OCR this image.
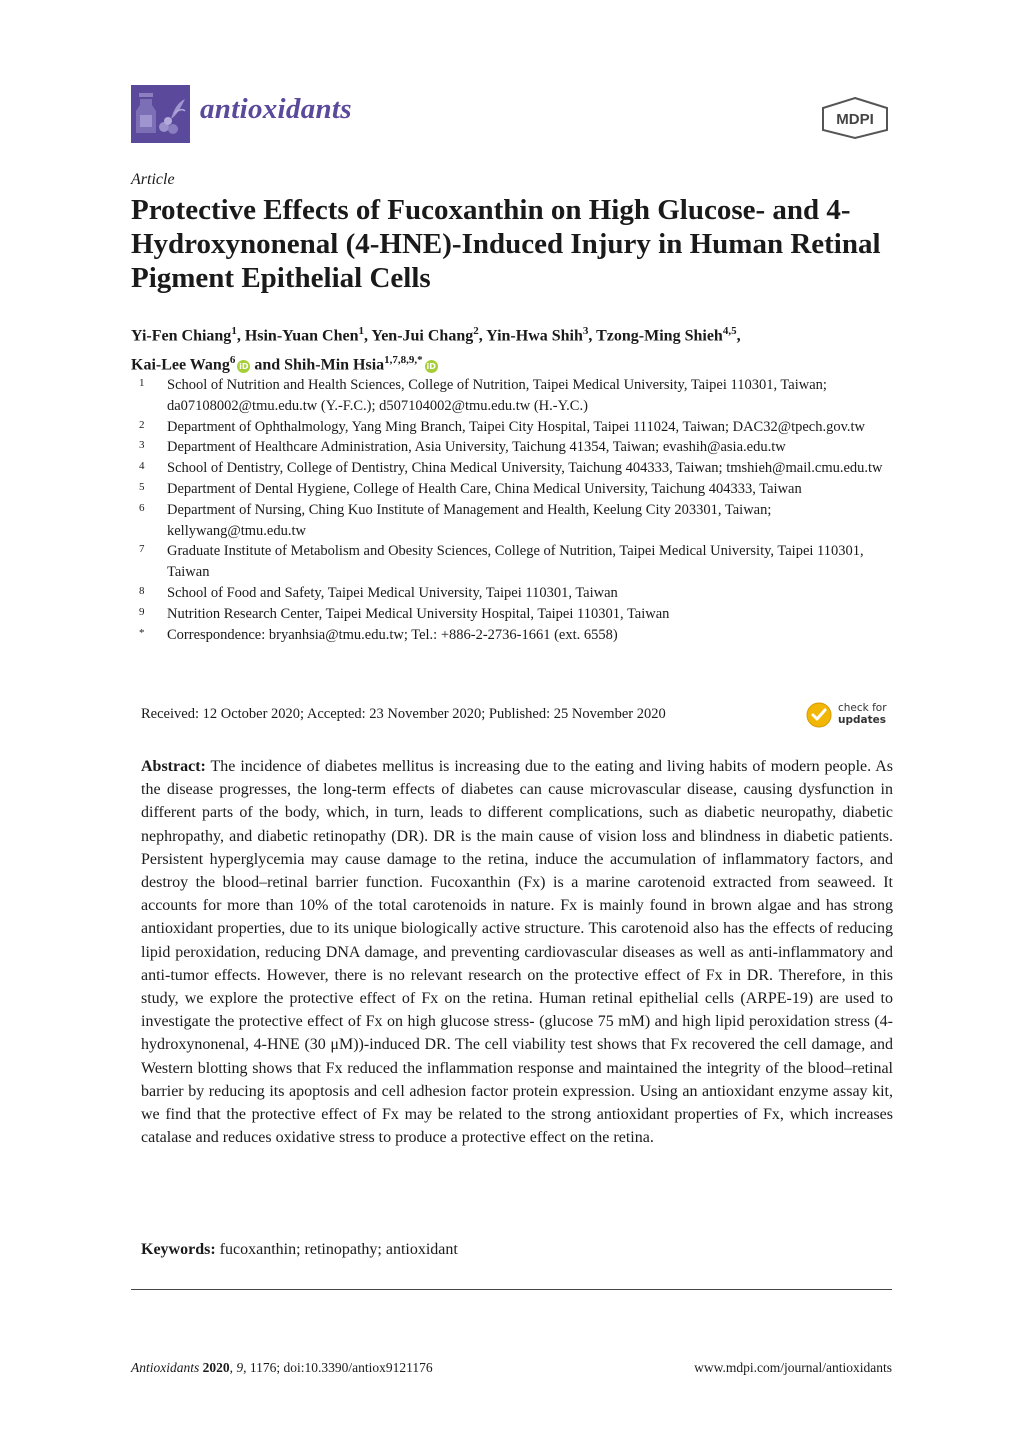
antioxidants	MDPI
Article
Protective Effects of Fucoxanthin on High Glucose- and 4-Hydroxynonenal (4-HNE)-Induced Injury in Human Retinal Pigment Epithelial Cells
Yi-Fen Chiang$^1$, Hsin-Yuan Chen$^1$, Yen-Jui Chang$^2$, Yin-Hwa Shih$^3$, Tzong-Ming Shieh$^{4,5}$,
Kai-Lee Wang$^6$ iD and Shih-Min Hsia$^{1,7,8,9,*}$ iD
1	School of Nutrition and Health Sciences, College of Nutrition, Taipei Medical University, Taipei 110301, Taiwan; da07108002@tmu.edu.tw (Y.-F.C.); d507104002@tmu.edu.tw (H.-Y.C.)
2	Department of Ophthalmology, Yang Ming Branch, Taipei City Hospital, Taipei 111024, Taiwan; DAC32@tpech.gov.tw
3	Department of Healthcare Administration, Asia University, Taichung 41354, Taiwan; evashih@asia.edu.tw
4	School of Dentistry, College of Dentistry, China Medical University, Taichung 404333, Taiwan; tmshieh@mail.cmu.edu.tw
5	Department of Dental Hygiene, College of Health Care, China Medical University, Taichung 404333, Taiwan
6	Department of Nursing, Ching Kuo Institute of Management and Health, Keelung City 203301, Taiwan; kellywang@tmu.edu.tw
7	Graduate Institute of Metabolism and Obesity Sciences, College of Nutrition, Taipei Medical University, Taipei 110301, Taiwan
8	School of Food and Safety, Taipei Medical University, Taipei 110301, Taiwan
9	Nutrition Research Center, Taipei Medical University Hospital, Taipei 110301, Taiwan
*	Correspondence: bryanhsia@tmu.edu.tw; Tel.: +886-2-2736-1661 (ext. 6558)
Received: 12 October 2020; Accepted: 23 November 2020; Published: 25 November 2020	check for
updates

Abstract: The incidence of diabetes mellitus is increasing due to the eating and living habits of modern people. As the disease progresses, the long-term effects of diabetes can cause microvascular disease, causing dysfunction in different parts of the body, which, in turn, leads to different complications, such as diabetic neuropathy, diabetic nephropathy, and diabetic retinopathy (DR). DR is the main cause of vision loss and blindness in diabetic patients. Persistent hyperglycemia may cause damage to the retina, induce the accumulation of inflammatory factors, and destroy the blood–retinal barrier function. Fucoxanthin (Fx) is a marine carotenoid extracted from seaweed. It accounts for more than 10% of the total carotenoids in nature. Fx is mainly found in brown algae and has strong antioxidant properties, due to its unique biologically active structure. This carotenoid also has the effects of reducing lipid peroxidation, reducing DNA damage, and preventing cardiovascular diseases as well as anti-inflammatory and anti-tumor effects. However, there is no relevant research on the protective effect of Fx in DR. Therefore, in this study, we explore the protective effect of Fx on the retina. Human retinal epithelial cells (ARPE-19) are used to investigate the protective effect of Fx on high glucose stress- (glucose 75 mM) and high lipid peroxidation stress (4-hydroxynonenal, 4-HNE (30 μM))-induced DR. The cell viability test shows that Fx recovered the cell damage, and Western blotting shows that Fx reduced the inflammation response and maintained the integrity of the blood–retinal barrier by reducing its apoptosis and cell adhesion factor protein expression. Using an antioxidant enzyme assay kit, we find that the protective effect of Fx may be related to the strong antioxidant properties of Fx, which increases catalase and reduces oxidative stress to produce a protective effect on the retina.

Keywords: fucoxanthin; retinopathy; antioxidant
Antioxidants 2020, 9, 1176; doi:10.3390/antiox9121176	www.mdpi.com/journal/antioxidants
